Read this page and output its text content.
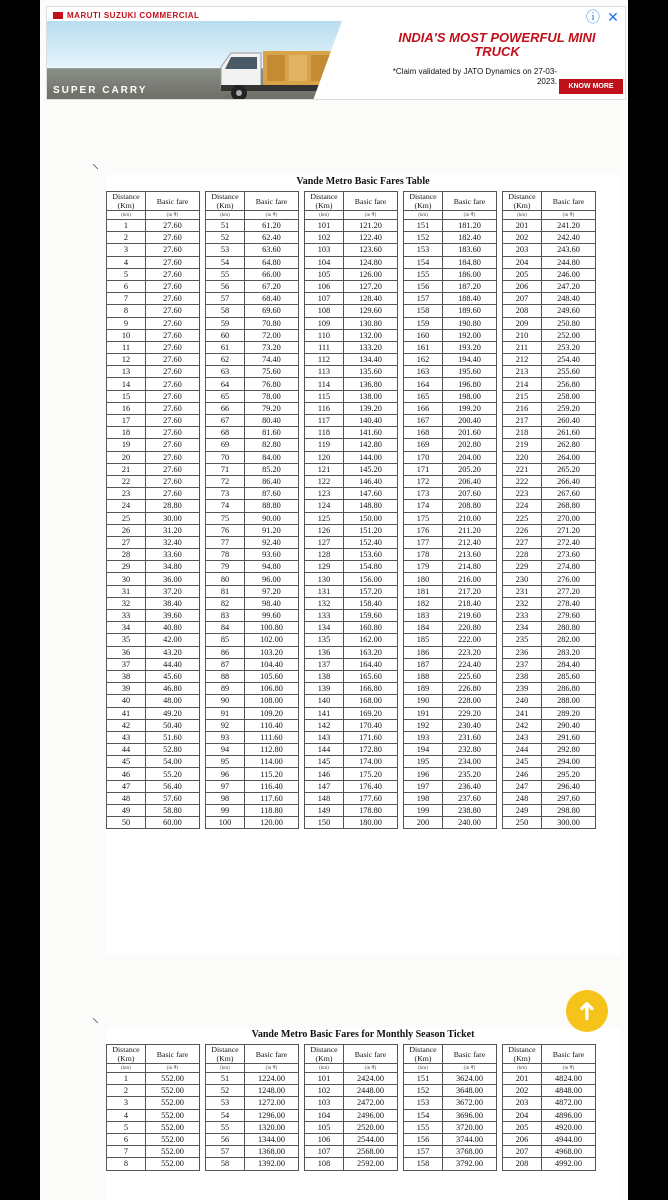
MARUTI SUZUKI COMMERCIAL
SUPER CARRY
INDIA'S MOST POWERFUL MINI TRUCK
*Claim validated by JATO Dynamics on 27-03-2023.
KNOW MORE
ⓘ ✕
⸌
Vande Metro Basic Fares Table
Distance (Km)	Basic fare
(km)	(in ₹)
1	27.60
2	27.60
3	27.60
4	27.60
5	27.60
6	27.60
7	27.60
8	27.60
9	27.60
10	27.60
11	27.60
12	27.60
13	27.60
14	27.60
15	27.60
16	27.60
17	27.60
18	27.60
19	27.60
20	27.60
21	27.60
22	27.60
23	27.60
24	28.80
25	30.00
26	31.20
27	32.40
28	33.60
29	34.80
30	36.00
31	37.20
32	38.40
33	39.60
34	40.80
35	42.00
36	43.20
37	44.40
38	45.60
39	46.80
40	48.00
41	49.20
42	50.40
43	51.60
44	52.80
45	54.00
46	55.20
47	56.40
48	57.60
49	58.80
50	60.00
Distance (Km)	Basic fare
(km)	(in ₹)
51	61.20
52	62.40
53	63.60
54	64.80
55	66.00
56	67.20
57	68.40
58	69.60
59	70.80
60	72.00
61	73.20
62	74.40
63	75.60
64	76.80
65	78.00
66	79.20
67	80.40
68	81.60
69	82.80
70	84.00
71	85.20
72	86.40
73	87.60
74	88.80
75	90.00
76	91.20
77	92.40
78	93.60
79	94.80
80	96.00
81	97.20
82	98.40
83	99.60
84	100.80
85	102.00
86	103.20
87	104.40
88	105.60
89	106.80
90	108.00
91	109.20
92	110.40
93	111.60
94	112.80
95	114.00
96	115.20
97	116.40
98	117.60
99	118.80
100	120.00
Distance (Km)	Basic fare
(km)	(in ₹)
101	121.20
102	122.40
103	123.60
104	124.80
105	126.00
106	127.20
107	128.40
108	129.60
109	130.80
110	132.00
111	133.20
112	134.40
113	135.60
114	136.80
115	138.00
116	139.20
117	140.40
118	141.60
119	142.80
120	144.00
121	145.20
122	146.40
123	147.60
124	148.80
125	150.00
126	151.20
127	152.40
128	153.60
129	154.80
130	156.00
131	157.20
132	158.40
133	159.60
134	160.80
135	162.00
136	163.20
137	164.40
138	165.60
139	166.80
140	168.00
141	169.20
142	170.40
143	171.60
144	172.80
145	174.00
146	175.20
147	176.40
148	177.60
149	178.80
150	180.00
Distance (Km)	Basic fare
(km)	(in ₹)
151	181.20
152	182.40
153	183.60
154	184.80
155	186.00
156	187.20
157	188.40
158	189.60
159	190.80
160	192.00
161	193.20
162	194.40
163	195.60
164	196.80
165	198.00
166	199.20
167	200.40
168	201.60
169	202.80
170	204.00
171	205.20
172	206.40
173	207.60
174	208.80
175	210.00
176	211.20
177	212.40
178	213.60
179	214.80
180	216.00
181	217.20
182	218.40
183	219.60
184	220.80
185	222.00
186	223.20
187	224.40
188	225.60
189	226.80
190	228.00
191	229.20
192	230.40
193	231.60
194	232.80
195	234.00
196	235.20
197	236.40
198	237.60
199	238.80
200	240.00
Distance (Km)	Basic fare
(km)	(in ₹)
201	241.20
202	242.40
203	243.60
204	244.80
205	246.00
206	247.20
207	248.40
208	249.60
209	250.80
210	252.00
211	253.20
212	254.40
213	255.60
214	256.80
215	258.00
216	259.20
217	260.40
218	261.60
219	262.80
220	264.00
221	265.20
222	266.40
223	267.60
224	268.80
225	270.00
226	271.20
227	272.40
228	273.60
229	274.80
230	276.00
231	277.20
232	278.40
233	279.60
234	280.80
235	282.00
236	283.20
237	284.40
238	285.60
239	286.80
240	288.00
241	289.20
242	290.40
243	291.60
244	292.80
245	294.00
246	295.20
247	296.40
248	297.60
249	298.80
250	300.00
⸌
Vande Metro Basic Fares for Monthly Season Ticket
Distance (Km)	Basic fare
(km)	(in ₹)
1	552.00
2	552.00
3	552.00
4	552.00
5	552.00
6	552.00
7	552.00
8	552.00
Distance (Km)	Basic fare
(km)	(in ₹)
51	1224.00
52	1248.00
53	1272.00
54	1296.00
55	1320.00
56	1344.00
57	1368.00
58	1392.00
Distance (Km)	Basic fare
(km)	(in ₹)
101	2424.00
102	2448.00
103	2472.00
104	2496.00
105	2520.00
106	2544.00
107	2568.00
108	2592.00
Distance (Km)	Basic fare
(km)	(in ₹)
151	3624.00
152	3648.00
153	3672.00
154	3696.00
155	3720.00
156	3744.00
157	3768.00
158	3792.00
Distance (Km)	Basic fare
(km)	(in ₹)
201	4824.00
202	4848.00
203	4872.00
204	4896.00
205	4920.00
206	4944.00
207	4968.00
208	4992.00
➜
